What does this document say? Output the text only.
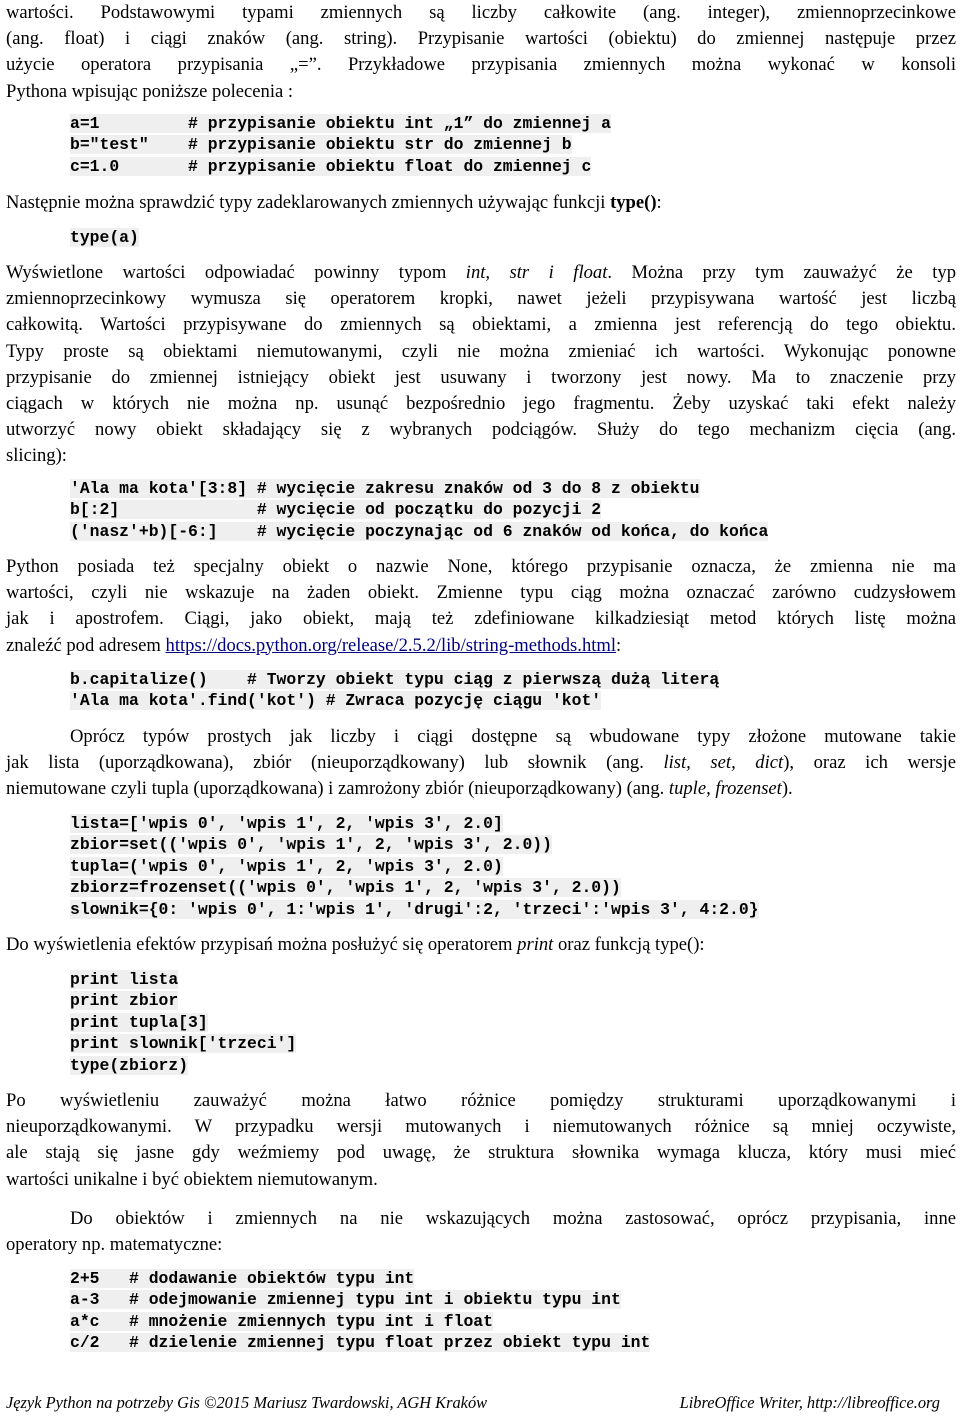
wartości. Podstawowymi typami zmiennych są liczby całkowite (ang. integer), zmiennoprzecinkowe
(ang. float) i ciągi znaków (ang. string). Przypisanie wartości (obiektu) do zmiennej następuje przez
użycie operatora przypisania „=”. Przykładowe przypisania zmiennych można wykonać w konsoli
Pythona wpisując poniższe polecenia :
a=1         # przypisanie obiektu int „1” do zmiennej a
b="test"    # przypisanie obiektu str do zmiennej b
c=1.0       # przypisanie obiektu float do zmiennej c
Następnie można sprawdzić typy zadeklarowanych zmiennych używając funkcji type():
type(a)
Wyświetlone wartości odpowiadać powinny typom int, str i float. Można przy tym zauważyć że typ
zmiennoprzecinkowy wymusza się operatorem kropki, nawet jeżeli przypisywana wartość jest liczbą
całkowitą. Wartości przypisywane do zmiennych są obiektami, a zmienna jest referencją do tego obiektu.
Typy proste są obiektami niemutowanymi, czyli nie można zmieniać ich wartości. Wykonując ponowne
przypisanie do zmiennej istniejący obiekt jest usuwany i tworzony jest nowy. Ma to znaczenie przy
ciągach w których nie można np. usunąć bezpośrednio jego fragmentu. Żeby uzyskać taki efekt należy
utworzyć nowy obiekt składający się z wybranych podciągów. Służy do tego mechanizm cięcia (ang.
slicing):
'Ala ma kota'[3:8] # wycięcie zakresu znaków od 3 do 8 z obiektu
b[:2]              # wycięcie od początku do pozycji 2
('nasz'+b)[-6:]    # wycięcie poczynając od 6 znaków od końca, do końca
Python posiada też specjalny obiekt o nazwie None, którego przypisanie oznacza, że zmienna nie ma
wartości, czyli nie wskazuje na żaden obiekt. Zmienne typu ciąg można oznaczać zarówno cudzysłowem
jak i apostrofem. Ciągi, jako obiekt, mają też zdefiniowane kilkadziesiąt metod których listę można
znaleźć pod adresem https://docs.python.org/release/2.5.2/lib/string-methods.html:
b.capitalize()    # Tworzy obiekt typu ciąg z pierwszą dużą literą
'Ala ma kota'.find('kot') # Zwraca pozycję ciągu 'kot'
Oprócz typów prostych jak liczby i ciągi dostępne są wbudowane typy złożone mutowane takie
jak lista (uporządkowana), zbiór (nieuporządkowany) lub słownik (ang. list, set, dict), oraz ich wersje
niemutowane czyli tupla (uporządkowana) i zamrożony zbiór (nieuporządkowany) (ang. tuple, frozenset).
lista=['wpis 0', 'wpis 1', 2, 'wpis 3', 2.0]
zbior=set(('wpis 0', 'wpis 1', 2, 'wpis 3', 2.0))
tupla=('wpis 0', 'wpis 1', 2, 'wpis 3', 2.0)
zbiorz=frozenset(('wpis 0', 'wpis 1', 2, 'wpis 3', 2.0))
slownik={0: 'wpis 0', 1:'wpis 1', 'drugi':2, 'trzeci':'wpis 3', 4:2.0}
Do wyświetlenia efektów przypisań można posłużyć się operatorem print oraz funkcją type():
print lista
print zbior
print tupla[3]
print slownik['trzeci']
type(zbiorz)
Po wyświetleniu zauważyć można łatwo różnice pomiędzy strukturami uporządkowanymi i
nieuporządkowanymi. W przypadku wersji mutowanych i niemutowanych różnice są mniej oczywiste,
ale stają się jasne gdy weźmiemy pod uwagę, że struktura słownika wymaga klucza, który musi mieć
wartości unikalne i być obiektem niemutowanym.
Do obiektów i zmiennych na nie wskazujących można zastosować, oprócz przypisania, inne
operatory np. matematyczne:
2+5   # dodawanie obiektów typu int
a-3   # odejmowanie zmiennej typu int i obiektu typu int
a*c   # mnożenie zmiennych typu int i float
c/2   # dzielenie zmiennej typu float przez obiekt typu int
Język Python na potrzeby Gis ©2015 Mariusz Twardowski, AGH Kraków	LibreOffice Writer, http://libreoffice.org
